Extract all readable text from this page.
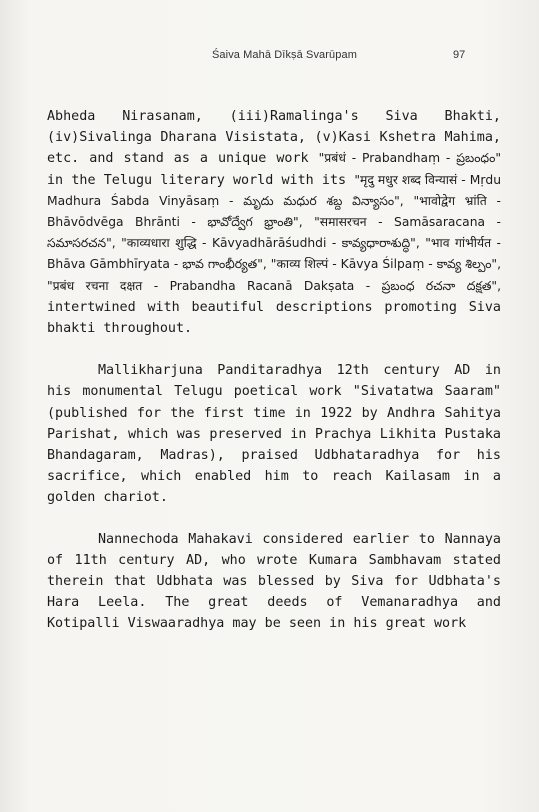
Śaiva Mahā Dīkṣā Svarūpam	97

Abheda Nirasanam, (iii)Ramalinga's Siva Bhakti, (iv)Sivalinga Dharana Visistata, (v)Kasi Kshetra Mahima, etc. and stand as a unique work "प्रबंधं - Prabandhaṃ - ప్రబంధం" in the Telugu literary world with its "मृदु मधुर शब्द विन्यासं - Mṛdu Madhura Śabda Vinyāsaṃ - మృదు మధుర శబ్ద విన్యాసం", "भावोद्वेग भ्रांति - Bhāvōdvēga Bhrānti - భావోద్వేగ భ్రాంతి", "समासरचन - Samāsaracana - సమాసరచన", "काव्यधारा शुद्धि - Kāvyadhārāśudhdi - కావ్యధారాశుద్ధి", "भाव गांभीर्यत - Bhāva Gāmbhīryata - భావ గాంభీర్యత", "काव्य शिल्पं - Kāvya Śilpaṃ - కావ్య శిల్పం", "प्रबंध रचना दक्षत - Prabandha Racanā Dakṣata - ప్రబంధ రచనా దక్షత", intertwined with beautiful descriptions promoting Siva bhakti throughout.

Mallikharjuna Panditaradhya 12th century AD in his monumental Telugu poetical work "Sivatatwa Saaram" (published for the first time in 1922 by Andhra Sahitya Parishat, which was preserved in Prachya Likhita Pustaka Bhandagaram, Madras), praised Udbhataradhya for his sacrifice, which enabled him to reach Kailasam in a golden chariot.

Nannechoda Mahakavi considered earlier to Nannaya of 11th century AD, who wrote Kumara Sambhavam stated therein that Udbhata was blessed by Siva for Udbhata's Hara Leela. The great deeds of Vemanaradhya and Kotipalli Viswaaradhya may be seen in his great work
